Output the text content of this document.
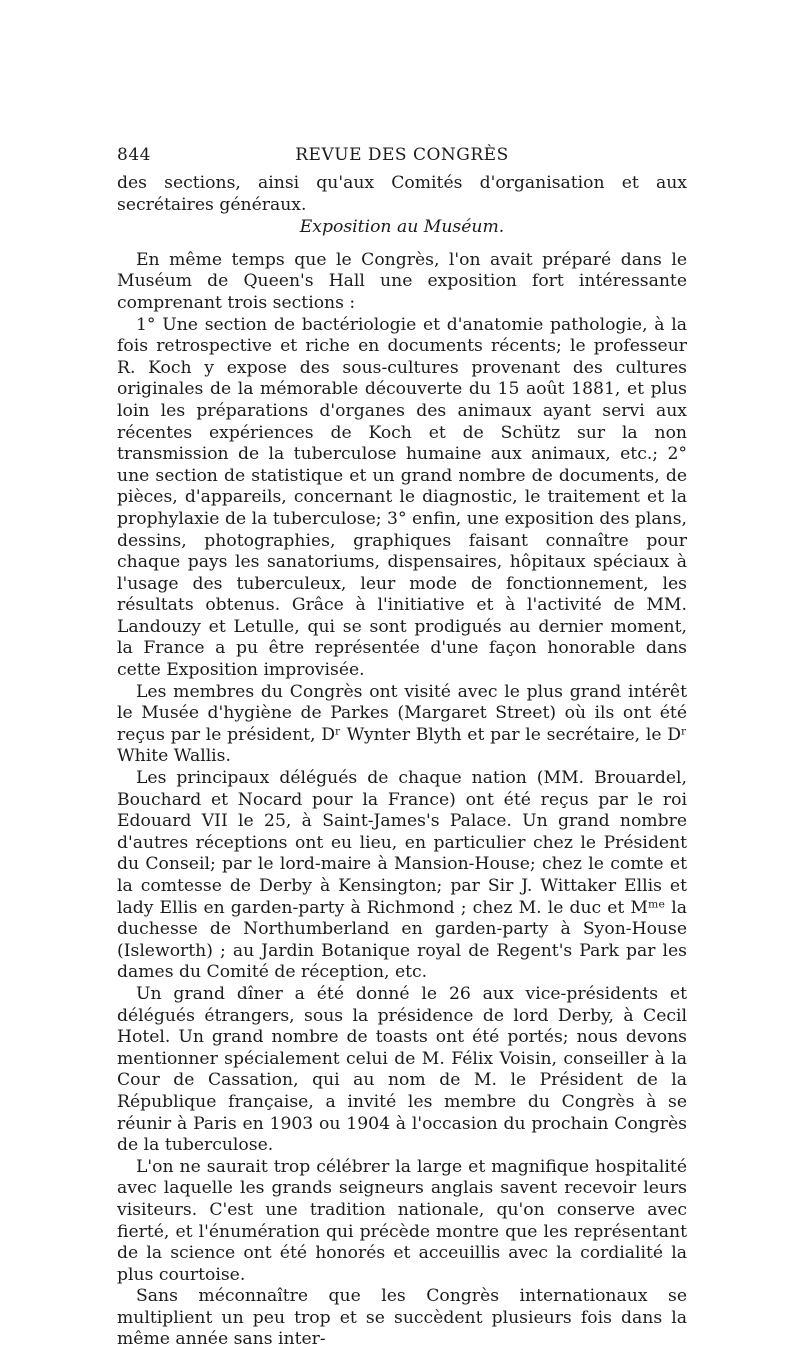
844	REVUE DES CONGRÈS

des sections, ainsi qu'aux Comités d'organisation et aux secrétaires généraux.

Exposition au Muséum.

En même temps que le Congrès, l'on avait préparé dans le Muséum de Queen's Hall une exposition fort intéressante comprenant trois sections :

1° Une section de bactériologie et d'anatomie pathologie, à la fois retrospective et riche en documents récents; le professeur R. Koch y expose des sous-cultures provenant des cultures originales de la mémorable découverte du 15 août 1881, et plus loin les préparations d'organes des animaux ayant servi aux récentes expériences de Koch et de Schütz sur la non transmission de la tuberculose humaine aux animaux, etc.; 2° une section de statistique et un grand nombre de documents, de pièces, d'appareils, concernant le diagnostic, le traitement et la prophylaxie de la tuberculose; 3° enfin, une exposition des plans, dessins, photographies, graphiques faisant connaître pour chaque pays les sanatoriums, dispensaires, hôpitaux spéciaux à l'usage des tuberculeux, leur mode de fonctionnement, les résultats obtenus. Grâce à l'initiative et à l'activité de MM. Landouzy et Letulle, qui se sont prodigués au dernier moment, la France a pu être représentée d'une façon honorable dans cette Exposition improvisée.

Les membres du Congrès ont visité avec le plus grand intérêt le Musée d'hygiène de Parkes (Margaret Street) où ils ont été reçus par le président, Dʳ Wynter Blyth et par le secrétaire, le Dʳ White Wallis.

Les principaux délégués de chaque nation (MM. Brouardel, Bouchard et Nocard pour la France) ont été reçus par le roi Edouard VII le 25, à Saint-James's Palace. Un grand nombre d'autres réceptions ont eu lieu, en particulier chez le Président du Conseil; par le lord-maire à Mansion-House; chez le comte et la comtesse de Derby à Kensington; par Sir J. Wittaker Ellis et lady Ellis en garden-party à Richmond ; chez M. le duc et Mᵐᵉ la duchesse de Northumberland en garden-party à Syon-House (Isleworth) ; au Jardin Botanique royal de Regent's Park par les dames du Comité de réception, etc.

Un grand dîner a été donné le 26 aux vice-présidents et délégués étrangers, sous la présidence de lord Derby, à Cecil Hotel. Un grand nombre de toasts ont été portés; nous devons mentionner spécialement celui de M. Félix Voisin, conseiller à la Cour de Cassation, qui au nom de M. le Président de la République française, a invité les membre du Congrès à se réunir à Paris en 1903 ou 1904 à l'occasion du prochain Congrès de la tuberculose.

L'on ne saurait trop célébrer la large et magnifique hospitalité avec laquelle les grands seigneurs anglais savent recevoir leurs visiteurs. C'est une tradition nationale, qu'on conserve avec fierté, et l'énumération qui précède montre que les représentant de la science ont été honorés et acceuillis avec la cordialité la plus courtoise.

Sans méconnaître que les Congrès internationaux se multiplient un peu trop et se succèdent plusieurs fois dans la même année sans inter-
